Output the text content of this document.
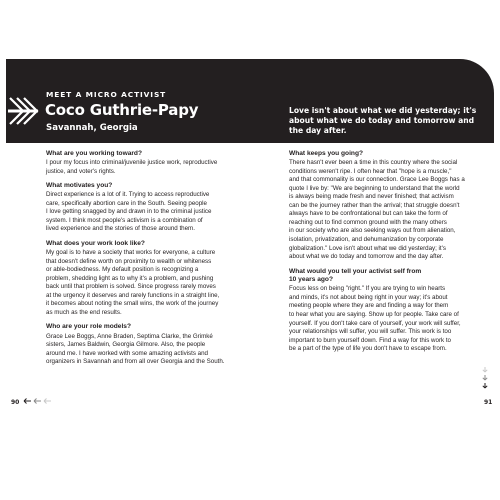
MEET A MICRO ACTIVIST
Coco Guthrie-Papy
Savannah, Georgia
Love isn't about what we did yesterday; it's about what we do today and tomorrow and the day after.
What are you working toward?
I pour my focus into criminal/juvenile justice work, reproductive
justice, and voter's rights.
What motivates you?
Direct experience is a lot of it. Trying to access reproductive
care, specifically abortion care in the South. Seeing people
I love getting snagged by and drawn in to the criminal justice
system. I think most people's activism is a combination of
lived experience and the stories of those around them.
What does your work look like?
My goal is to have a society that works for everyone, a culture
that doesn't define worth on proximity to wealth or whiteness
or able-bodiedness. My default position is recognizing a
problem, shedding light as to why it's a problem, and pushing
back until that problem is solved. Since progress rarely moves
at the urgency it deserves and rarely functions in a straight line,
it becomes about noting the small wins, the work of the journey
as much as the end results.
Who are your role models?
Grace Lee Boggs, Anne Braden, Septima Clarke, the Grimké
sisters, James Baldwin, Georgia Gilmore. Also, the people
around me. I have worked with some amazing activists and
organizers in Savannah and from all over Georgia and the South.
What keeps you going?
There hasn't ever been a time in this country where the social
conditions weren't ripe. I often hear that "hope is a muscle,"
and that commonality is our connection. Grace Lee Boggs has a
quote I live by: "We are beginning to understand that the world
is always being made fresh and never finished; that activism
can be the journey rather than the arrival; that struggle doesn't
always have to be confrontational but can take the form of
reaching out to find common ground with the many others
in our society who are also seeking ways out from alienation,
isolation, privatization, and dehumanization by corporate
globalization." Love isn't about what we did yesterday; it's
about what we do today and tomorrow and the day after.
What would you tell your activist self from
10 years ago?
Focus less on being "right." If you are trying to win hearts
and minds, it's not about being right in your way; it's about
meeting people where they are and finding a way for them
to hear what you are saying. Show up for people. Take care of
yourself. If you don't take care of yourself, your work will suffer,
your relationships will suffer, you will suffer. This work is too
important to burn yourself down. Find a way for this work to
be a part of the type of life you don't have to escape from.
90	91
